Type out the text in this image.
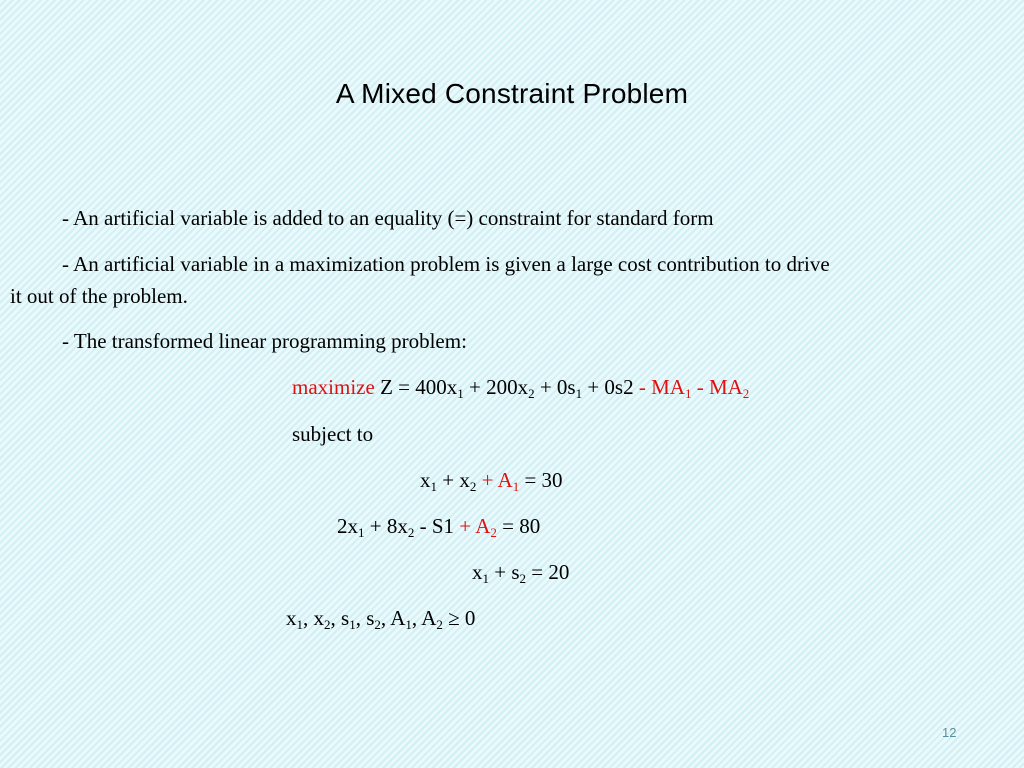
A Mixed Constraint Problem
- An artificial variable is added to an equality (=) constraint for standard form
- An artificial variable in a maximization problem is given a large cost contribution to drive
it out of the problem.
- The transformed linear programming problem:
maximize $Z = 400x_1 + 200x_2 + 0s_1 + 0s2 - MA_1 - MA_2$
subject to
$x_1 + x_2 + A_1 = 30$
$2x_1 + 8x_2 - S1 + A_2 = 80$
$x_1 + s_2 = 20$
$x_1$, $x_2$, $s_1$, $s_2$, $A_1$, $A_2 \ge 0$
12
